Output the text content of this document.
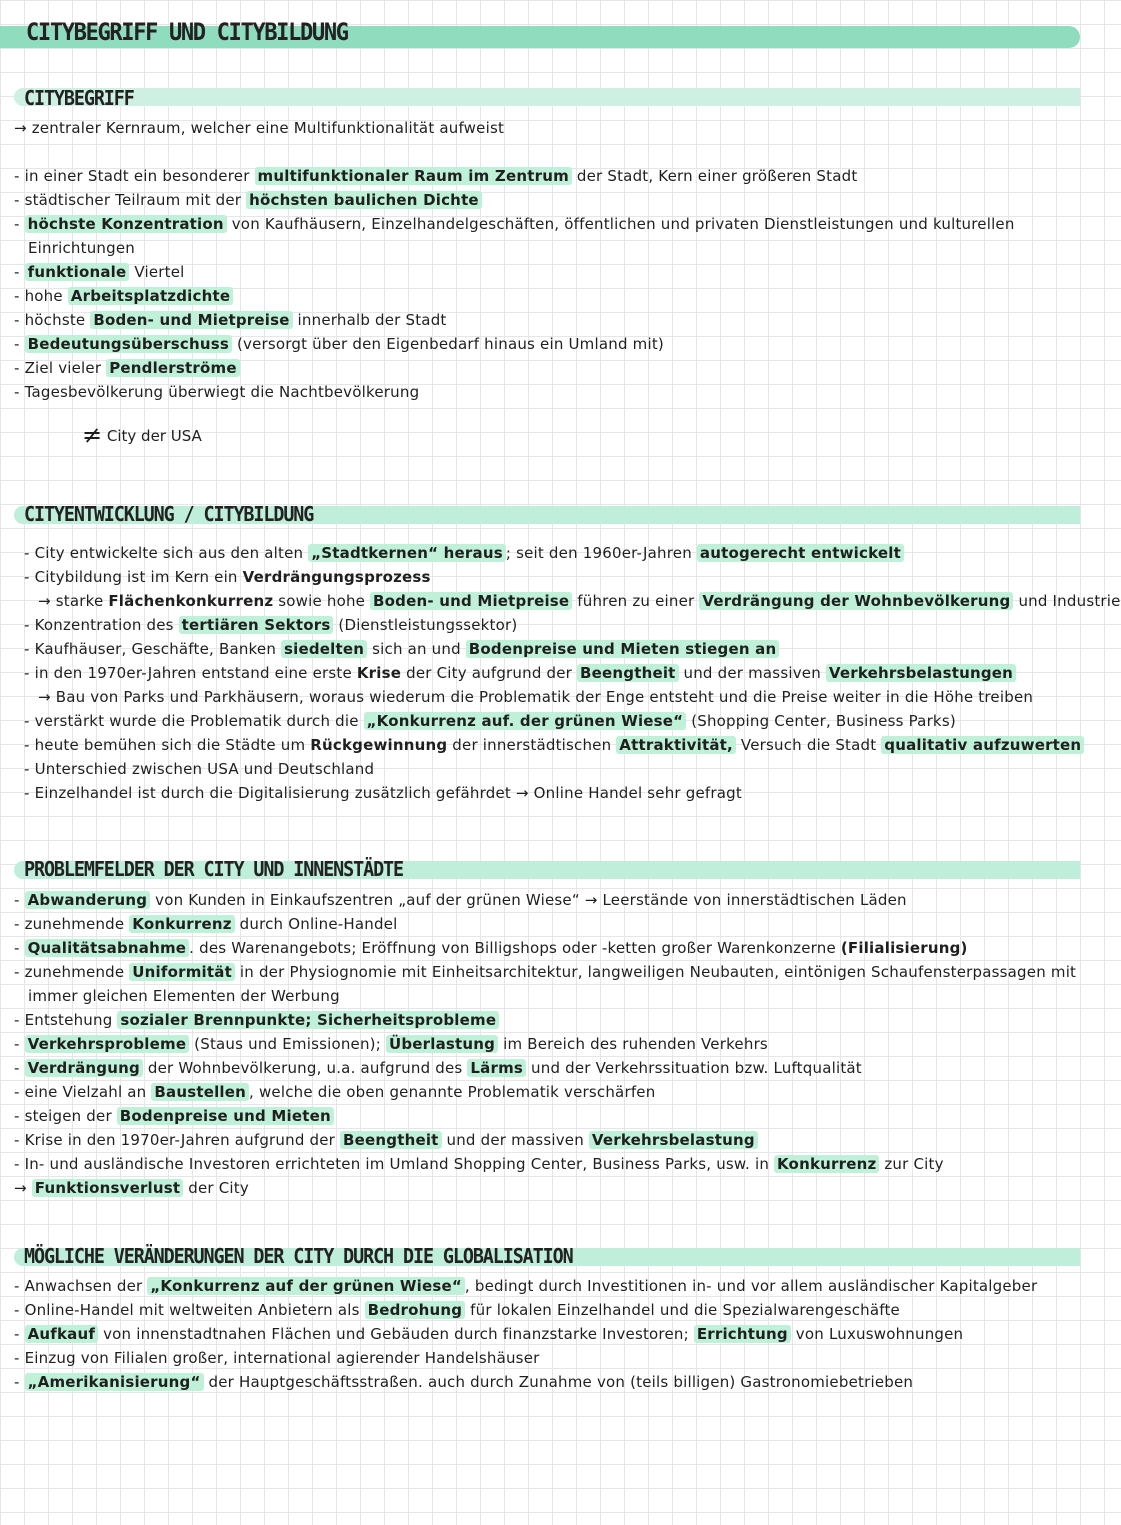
CITYBEGRIFF UND CITYBILDUNG
CITYBEGRIFF
→ zentraler Kernraum, welcher eine Multifunktionalität aufweist
- in einer Stadt ein besonderer multifunktionaler Raum im Zentrum der Stadt, Kern einer größeren Stadt
- städtischer Teilraum mit der höchsten baulichen Dichte
- höchste Konzentration von Kaufhäusern, Einzelhandelgeschäften, öffentlichen und privaten Dienstleistungen und kulturellen
Einrichtungen
- funktionale Viertel
- hohe Arbeitsplatzdichte
- höchste Boden- und Mietpreise innerhalb der Stadt
- Bedeutungsüberschuss (versorgt über den Eigenbedarf hinaus ein Umland mit)
- Ziel vieler Pendlerströme
- Tagesbevölkerung überwiegt die Nachtbevölkerung
≠ City der USA
CITYENTWICKLUNG / CITYBILDUNG
- City entwickelte sich aus den alten „Stadtkernen“ heraus ; seit den 1960er-Jahren autogerecht entwickelt
- Citybildung ist im Kern ein Verdrängungsprozess
→ starke Flächenkonkurrenz sowie hohe Boden- und Mietpreise führen zu einer Verdrängung der Wohnbevölkerung und Industrie
- Konzentration des tertiären Sektors (Dienstleistungssektor)
- Kaufhäuser, Geschäfte, Banken siedelten sich an und Bodenpreise und Mieten stiegen an
- in den 1970er-Jahren entstand eine erste Krise der City aufgrund der Beengtheit und der massiven Verkehrsbelastungen
→ Bau von Parks und Parkhäusern, woraus wiederum die Problematik der Enge entsteht und die Preise weiter in die Höhe treiben
- verstärkt wurde die Problematik durch die „Konkurrenz auf. der grünen Wiese“ (Shopping Center, Business Parks)
- heute bemühen sich die Städte um Rückgewinnung der innerstädtischen Attraktivität, Versuch die Stadt qualitativ aufzuwerten
- Unterschied zwischen USA und Deutschland
- Einzelhandel ist durch die Digitalisierung zusätzlich gefährdet → Online Handel sehr gefragt
PROBLEMFELDER DER CITY UND INNENSTÄDTE
- Abwanderung von Kunden in Einkaufszentren „auf der grünen Wiese“ → Leerstände von innerstädtischen Läden
- zunehmende Konkurrenz durch Online-Handel
- Qualitätsabnahme . des Warenangebots; Eröffnung von Billigshops oder -ketten großer Warenkonzerne (Filialisierung)
- zunehmende Uniformität in der Physiognomie mit Einheitsarchitektur, langweiligen Neubauten, eintönigen Schaufensterpassagen mit
immer gleichen Elementen der Werbung
- Entstehung sozialer Brennpunkte; Sicherheitsprobleme
- Verkehrsprobleme (Staus und Emissionen); Überlastung im Bereich des ruhenden Verkehrs
- Verdrängung der Wohnbevölkerung, u.a. aufgrund des Lärms und der Verkehrssituation bzw. Luftqualität
- eine Vielzahl an Baustellen , welche die oben genannte Problematik verschärfen
- steigen der Bodenpreise und Mieten
- Krise in den 1970er-Jahren aufgrund der Beengtheit und der massiven Verkehrsbelastung
- In- und ausländische Investoren errichteten im Umland Shopping Center, Business Parks, usw. in Konkurrenz zur City
→ Funktionsverlust der City
MÖGLICHE VERÄNDERUNGEN DER CITY DURCH DIE GLOBALISATION
- Anwachsen der „Konkurrenz auf der grünen Wiese“ , bedingt durch Investitionen in- und vor allem ausländischer Kapitalgeber
- Online-Handel mit weltweiten Anbietern als Bedrohung für lokalen Einzelhandel und die Spezialwarengeschäfte
- Aufkauf von innenstadtnahen Flächen und Gebäuden durch finanzstarke Investoren; Errichtung von Luxuswohnungen
- Einzug von Filialen großer, international agierender Handelshäuser
- „Amerikanisierung“ der Hauptgeschäftsstraßen. auch durch Zunahme von (teils billigen) Gastronomiebetrieben
